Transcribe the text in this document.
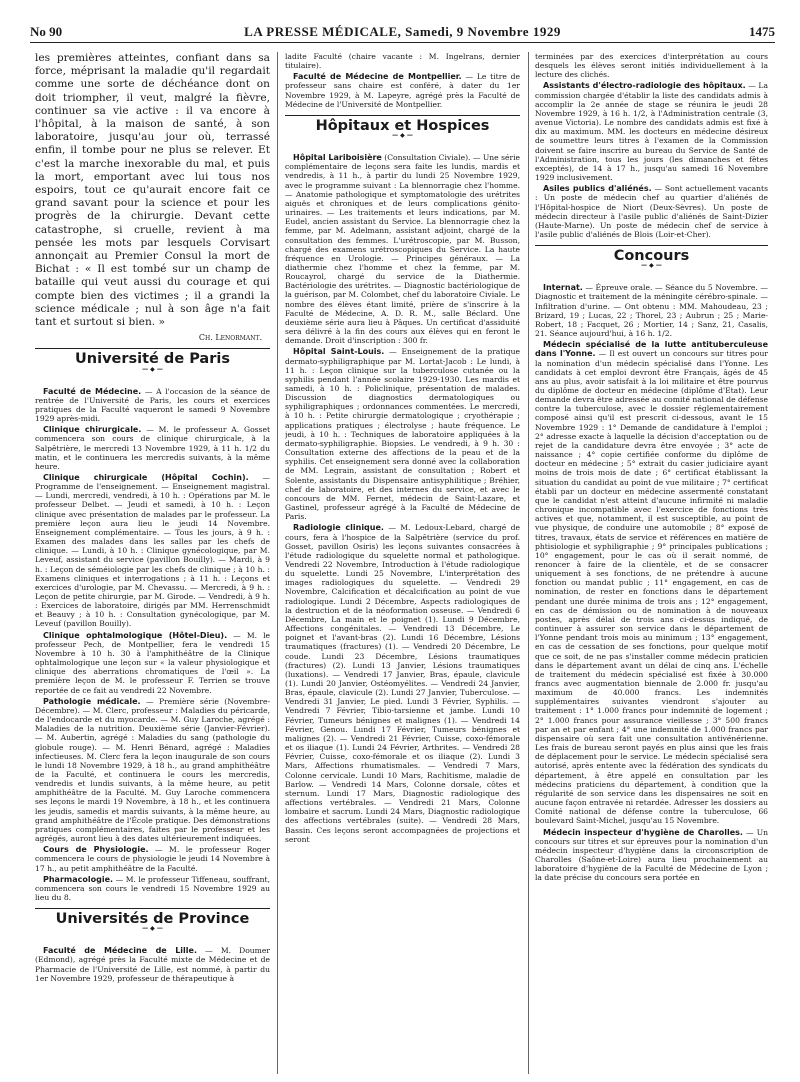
No 90	LA PRESSE MÉDICALE, Samedi, 9 Novembre 1929	1475

les premières atteintes, confiant dans sa force, méprisant la maladie qu'il regardait comme une sorte de déchéance dont on doit triompher, il veut, malgré la fièvre, continuer sa vie active : il va encore à l'hôpital, à la maison de santé, à son laboratoire, jusqu'au jour où, terrassé enfin, il tombe pour ne plus se relever. Et c'est la marche inexorable du mal, et puis la mort, emportant avec lui tous nos espoirs, tout ce qu'aurait encore fait ce grand savant pour la science et pour les progrès de la chirurgie. Devant cette catastrophe, si cruelle, revient à ma pensée les mots par lesquels Corvisart annonçait au Premier Consul la mort de Bichat : « Il est tombé sur un champ de bataille qui veut aussi du courage et qui compte bien des victimes ; il a grandi la science médicale ; nul à son âge n'a fait tant et surtout si bien. »

Ch. Lenormant.
Université de Paris
— ◆ —

Faculté de Médecine. — A l'occasion de la séance de rentrée de l'Université de Paris, les cours et exercices pratiques de la Faculté vaqueront le samedi 9 Novembre 1929 après-midi.

Clinique chirurgicale. — M. le professeur A. Gosset commencera son cours de clinique chirurgicale, à la Salpêtrière, le mercredi 13 Novembre 1929, à 11 h. 1/2 du matin, et le continuera les mercredis suivants, à la même heure.

Clinique chirurgicale (Hôpital Cochin). — Programme de l'enseignement. — Enseignement magistral. — Lundi, mercredi, vendredi, à 10 h. : Opérations par M. le professeur Delbet. — Jeudi et samedi, à 10 h. : Leçon clinique avec présentation de malades par le professeur. La première leçon aura lieu le jeudi 14 Novembre. Enseignement complémentaire. — Tous les jours, à 9 h. : Examen des malades dans les salles par les chefs de clinique. — Lundi, à 10 h. : Clinique gynécologique, par M. Leveuf, assistant du service (pavillon Bouilly). — Mardi, à 9 h. : Leçon de séméiologie par les chefs de clinique ; à 10 h. : Examens cliniques et interrogations ; à 11 h. : Leçons et exercices d'urologie, par M. Chevassu. — Mercredi, à 9 h. : Leçon de petite chirurgie, par M. Girode. — Vendredi, à 9 h. : Exercices de laboratoire, dirigés par MM. Herrenschmidt et Beauvy ; à 10 h. : Consultation gynécologique, par M. Leveuf (pavillon Bouilly).

Clinique ophtalmologique (Hôtel-Dieu). — M. le professeur Pech, de Montpellier, fera le vendredi 15 Novembre à 10 h. 30 à l'amphithéâtre de la Clinique ophtalmologique une leçon sur « la valeur physiologique et clinique des aberrations chromatiques de l'œil ». La première leçon de M. le professeur F. Terrien se trouve reportée de ce fait au vendredi 22 Novembre.

Pathologie médicale. — Première série (Novembre-Décembre). — M. Clerc, professeur : Maladies du péricarde, de l'endocarde et du myocarde. — M. Guy Laroche, agrégé : Maladies de la nutrition. Deuxième série (Janvier-Février). — M. Aubertin, agrégé : Maladies du sang (pathologie du globule rouge). — M. Henri Bénard, agrégé : Maladies infectieuses. M. Clerc fera la leçon inaugurale de son cours le lundi 18 Novembre 1929, à 18 h., au grand amphithéâtre de la Faculté, et continuera le cours les mercredis, vendredis et lundis suivants, à la même heure, au petit amphithéâtre de la Faculté. M. Guy Laroche commencera ses leçons le mardi 19 Novembre, à 18 h., et les continuera les jeudis, samedis et mardis suivants, à la même heure, au grand amphithéâtre de l'École pratique. Des démonstrations pratiques complémentaires, faites par le professeur et les agrégés, auront lieu à des dates ultérieurement indiquées.

Cours de Physiologie. — M. le professeur Roger commencera le cours de physiologie le jeudi 14 Novembre à 17 h., au petit amphithéâtre de la Faculté.

Pharmacologie. — M. le professeur Tiffeneau, souffrant, commencera son cours le vendredi 15 Novembre 1929 au lieu du 8.

Universités de Province
— ◆ —

Faculté de Médecine de Lille. — M. Doumer (Edmond), agrégé près la Faculté mixte de Médecine et de Pharmacie de l'Université de Lille, est nommé, à partir du 1er Novembre 1929, professeur de thérapeutique à

ladite Faculté (chaire vacante : M. Ingelrans, dernier titulaire).

Faculté de Médecine de Montpellier. — Le titre de professeur sans chaire est conféré, à dater du 1er Novembre 1929, à M. Lapeyre, agrégé près la Faculté de Médecine de l'Université de Montpellier.

Hôpitaux et Hospices
— ◆ —

Hôpital Lariboisière (Consultation Civiale). — Une série complémentaire de leçons sera faite les lundis, mardis et vendredis, à 11 h., à partir du lundi 25 Novembre 1929, avec le programme suivant : La blennorragie chez l'homme. — Anatomie pathologique et symptomatologie des urétrites aiguës et chroniques et de leurs complications génito-urinaires. — Les traitements et leurs indications, par M. Eudel, ancien assistant du Service. La blennorragie chez la femme, par M. Adelmann, assistant adjoint, chargé de la consultation des femmes. L'urétroscopie, par M. Busson, chargé des examens urétroscopiques du Service. La haute fréquence en Urologie. — Principes généraux. — La diathermie chez l'homme et chez la femme, par M. Roucayrol, chargé du service de la Diathermie. Bactériologie des urétrites. — Diagnostic bactériologique de la guérison, par M. Colombet, chef du laboratoire Civiale. Le nombre des élèves étant limité, prière de s'inscrire à la Faculté de Médecine, A. D. R. M., salle Béclard. Une deuxième série aura lieu à Pâques. Un certificat d'assiduité sera délivré à la fin des cours aux élèves qui en feront le demande. Droit d'inscription : 300 fr.

Hôpital Saint-Louis. — Enseignement de la pratique dermato-syphiligraphique par M. Lortat-Jacob : Le lundi, à 11 h. : Leçon clinique sur la tuberculose cutanée ou la syphilis pendant l'année scolaire 1929-1930. Les mardis et samedi, à 10 h. : Policlinique, présentation de malades. Discussion de diagnostics dermatologiques ou syphiligraphiques ; ordonnances commentées. Le mercredi, à 10 h. : Petite chirurgie dermatologique ; cryothérapie ; applications pratiques ; électrolyse ; haute fréquence. Le jeudi, à 10 h. : Techniques de laboratoire appliquées à la dermato-syphiligraphie. Biopsies. Le vendredi, à 9 h. 30 : Consultation externe des affections de la peau et de la syphilis. Cet enseignement sera donné avec la collaboration de MM. Legrain, assistant de consultation ; Robert et Solente, assistants du Dispensaire antisyphilitique ; Bréhier, chef de laboratoire, et des internes du service, et avec le concours de MM. Fernet, médecin de Saint-Lazare, et Gastinel, professeur agrégé à la Faculté de Médecine de Paris.

Radiologie clinique. — M. Ledoux-Lebard, chargé de cours, fera à l'hospice de la Salpêtrière (service du prof. Gosset, pavillon Osiris) les leçons suivantes consacrées à l'étude radiologique du squelette normal et pathologique. Vendredi 22 Novembre, Introduction à l'étude radiologique du squelette. Lundi 25 Novembre, L'interprétation des images radiologiques du squelette. — Vendredi 29 Novembre, Calcification et décalcification au point de vue radiologique. Lundi 2 Décembre, Aspects radiologiques de la destruction et de la néoformation osseuse. — Vendredi 6 Décembre, La main et le poignet (1). Lundi 9 Décembre, Affections congénitales. — Vendredi 13 Décembre, Le poignet et l'avant-bras (2). Lundi 16 Décembre, Lésions traumatiques (fractures) (1). — Vendredi 20 Décembre, Le coude. Lundi 23 Décembre, Lésions traumatiques (fractures) (2). Lundi 13 Janvier, Lésions traumatiques (luxations). — Vendredi 17 Janvier, Bras, épaule, clavicule (1). Lundi 20 Janvier, Ostéomyélites. — Vendredi 24 Janvier, Bras, épaule, clavicule (2). Lundi 27 Janvier, Tuberculose. — Vendredi 31 Janvier, Le pied. Lundi 3 Février, Syphilis. — Vendredi 7 Février, Tibio-tarsienne et jambe. Lundi 10 Février, Tumeurs bénignes et malignes (1). — Vendredi 14 Février, Genou. Lundi 17 Février, Tumeurs bénignes et malignes (2). — Vendredi 21 Février, Cuisse, coxo-fémorale et os iliaque (1). Lundi 24 Février, Arthrites. — Vendredi 28 Février, Cuisse, coxo-fémorale et os iliaque (2). Lundi 3 Mars, Affections rhumatismales. — Vendredi 7 Mars, Colonne cervicale. Lundi 10 Mars, Rachitisme, maladie de Barlow. — Vendredi 14 Mars, Colonne dorsale, côtes et sternum. Lundi 17 Mars, Diagnostic radiologique des affections vertébrales. — Vendredi 21 Mars, Colonne lombaire et sacrum. Lundi 24 Mars, Diagnostic radiologique des affections vertébrales (suite). — Vendredi 28 Mars, Bassin. Ces leçons seront accompagnées de projections et seront

terminées par des exercices d'interprétation au cours desquels les élèves seront initiés individuellement à la lecture des clichés.

Assistants d'électro-radiologie des hôpitaux. — La commission chargée d'établir la liste des candidats admis à accomplir la 2e année de stage se réunira le jeudi 28 Novembre 1929, à 16 h. 1/2, à l'Administration centrale (3, avenue Victoria). Le nombre des candidats admis est fixé à dix au maximum. MM. les docteurs en médecine désireux de soumettre leurs titres à l'examen de la Commission doivent se faire inscrire au bureau du Service de Santé de l'Administration, tous les jours (les dimanches et fêtes exceptés), de 14 à 17 h., jusqu'au samedi 16 Novembre 1929 inclusivement.

Asiles publics d'aliénés. — Sont actuellement vacants : Un poste de médecin chef au quartier d'aliénés de l'Hôpital-hospice de Niort (Deux-Sèvres). Un poste de médecin directeur à l'asile public d'aliénés de Saint-Dizier (Haute-Marne). Un poste de médecin chef de service à l'asile public d'aliénés de Blois (Loir-et-Cher).

Concours
— ◆ —

Internat. — Épreuve orale. — Séance du 5 Novembre. — Diagnostic et traitement de la méningite cérébro-spinale. — Infiltration d'urine. — Ont obtenu : MM. Mahoudeau, 23 ; Brizard, 19 ; Lucas, 22 ; Thorel, 23 ; Aubrun ; 25 ; Marie-Robert, 18 ; Facquet, 26 ; Mortier, 14 ; Sanz, 21, Casalis, 21. Séance aujourd'hui, à 16 h. 1/2.

Médecin spécialisé de la lutte antituberculeuse dans l'Yonne. — Il est ouvert un concours sur titres pour la nomination d'un médecin spécialisé dans l'Yonne. Les candidats à cet emploi devront être Français, âgés de 45 ans au plus, avoir satisfait à la loi militaire et être pourvus du diplôme de docteur en médecine (diplôme d'Etat). Leur demande devra être adressée au comité national de défense contre la tuberculose, avec le dossier réglementairement composé ainsi qu'il est prescrit ci-dessous, avant le 15 Novembre 1929 : 1° Demande de candidature à l'emploi ; 2° adresse exacte à laquelle la décision d'acceptation ou de rejet de la candidature devra être envoyée ; 3° acte de naissance ; 4° copie certifiée conforme du diplôme de docteur en médecine ; 5° extrait du casier judiciaire ayant moins de trois mois de date ; 6° certificat établissant la situation du candidat au point de vue militaire ; 7° certificat établi par un docteur en médecine assermenté constatant que le candidat n'est atteint d'aucune infirmité ni maladie chronique incompatible avec l'exercice de fonctions très actives et que, notamment, il est susceptible, au point de vue physique, de conduire une automobile ; 8° exposé de titres, travaux, états de service et références en matière de phtisiologie et syphiligraphie ; 9° principales publications ; 10° engagement, pour le cas où il serait nommé, de renoncer à faire de la clientèle, et de se consacrer uniquement à ses fonctions, de ne prétendre à aucune fonction ou mandat public ; 11° engagement, en cas de nomination, de rester en fonctions dans le département pendant une durée minima de trois ans ; 12° engagement, en cas de démission ou de nomination à de nouveaux postes, après délai de trois ans ci-dessus indiqué, de continuer à assurer son service dans le département de l'Yonne pendant trois mois au minimum ; 13° engagement, en cas de cessation de ses fonctions, pour quelque motif que ce soit, de ne pas s'installer comme médecin praticien dans le département avant un délai de cinq ans. L'échelle de traitement du médecin spécialisé est fixée à 30.000 francs avec augmentation biennale de 2.000 fr. jusqu'au maximum de 40.000 francs. Les indemnités supplémentaires suivantes viendront s'ajouter au traitement : 1° 1.000 francs pour indemnité de logement ; 2° 1.000 francs pour assurance vieillesse ; 3° 500 francs par an et par enfant ; 4° une indemnité de 1.000 francs par dispensaire où sera fait une consultation antivénérienne. Les frais de bureau seront payés en plus ainsi que les frais de déplacement pour le service. Le médecin spécialisé sera autorisé, après entente avec la fédération des syndicats du département, à être appelé en consultation par les médecins praticiens du département, à condition que la régularité de son service dans les dispensaires ne soit en aucune façon entravée ni retardée. Adresser les dossiers au Comité national de défense contre la tuberculose, 66 boulevard Saint-Michel, jusqu'au 15 Novembre.

Médecin inspecteur d'hygiène de Charolles. — Un concours sur titres et sur épreuves pour la nomination d'un médecin inspecteur d'hygiène dans la circonscription de Charolles (Saône-et-Loire) aura lieu prochainement au laboratoire d'hygiène de la Faculté de Médecine de Lyon ; la date précise du concours sera portée en
